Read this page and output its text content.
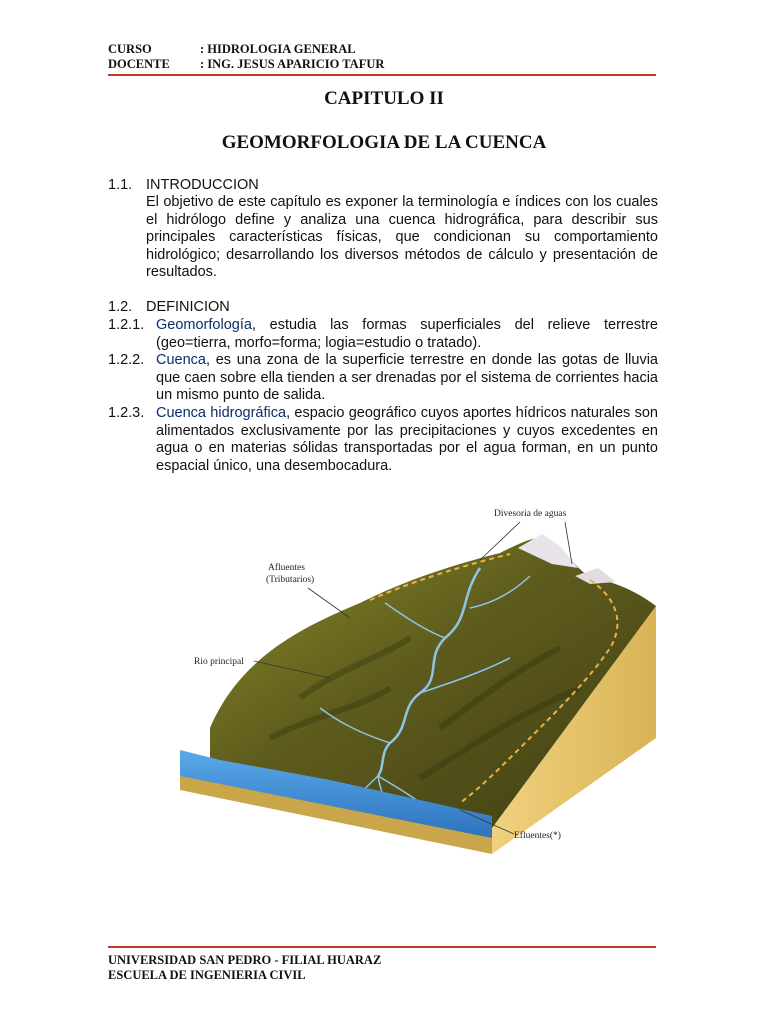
CURSO	: HIDROLOGIA GENERAL
DOCENTE	: ING. JESUS APARICIO TAFUR
CAPITULO II
GEOMORFOLOGIA DE LA CUENCA
1.1. INTRODUCCION
El objetivo de este capítulo es exponer la terminología e índices con los cuales el hidrólogo define y analiza una cuenca hidrográfica, para describir sus principales características físicas, que condicionan su comportamiento hidrológico; desarrollando los diversos métodos de cálculo y presentación de resultados.
1.2. DEFINICION
1.2.1. Geomorfología, estudia las formas superficiales del relieve terrestre (geo=tierra, morfo=forma; logia=estudio o tratado).
1.2.2. Cuenca, es una zona de la superficie terrestre en donde las gotas de lluvia que caen sobre ella tienden a ser drenadas por el sistema de corrientes hacia un mismo punto de salida.
1.2.3. Cuenca hidrográfica, espacio geográfico cuyos aportes hídricos naturales son alimentados exclusivamente por las precipitaciones y cuyos excedentes en agua o en materias sólidas transportadas por el agua forman, en un punto espacial único, una desembocadura.
Divesoria de aguas
Afluentes
(Tributarios)
Rio principal
Efluentes(*)
UNIVERSIDAD SAN PEDRO - FILIAL HUARAZ
ESCUELA DE INGENIERIA CIVIL
